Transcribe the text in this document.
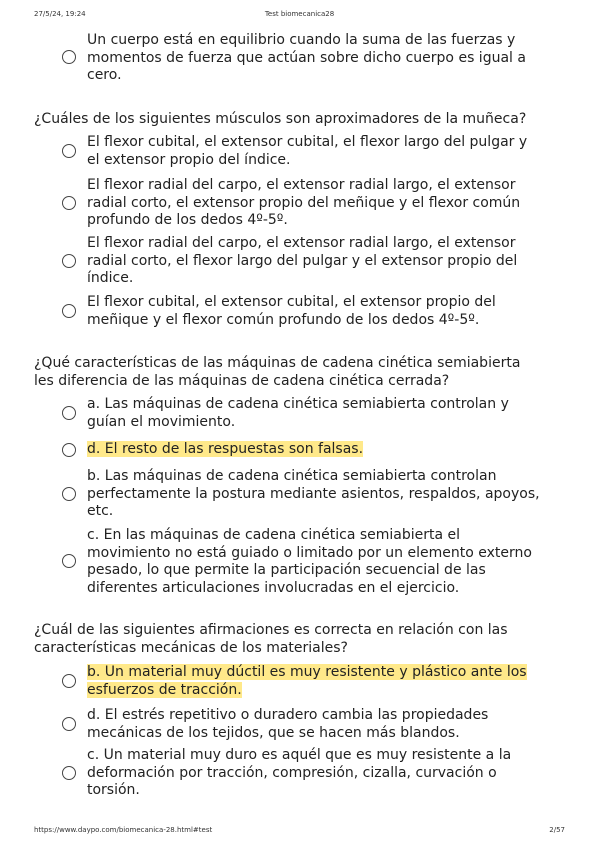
27/5/24, 19:24	Test biomecanica28
https://www.daypo.com/biomecanica-28.html#test	2/57
Un cuerpo está en equilibrio cuando la suma de las fuerzas y
momentos de fuerza que actúan sobre dicho cuerpo es igual a
cero.
¿Cuáles de los siguientes músculos son aproximadores de la muñeca?
El flexor cubital, el extensor cubital, el flexor largo del pulgar y
el extensor propio del índice.
El flexor radial del carpo, el extensor radial largo, el extensor
radial corto, el extensor propio del meñique y el flexor común
profundo de los dedos 4º-5º.
El flexor radial del carpo, el extensor radial largo, el extensor
radial corto, el flexor largo del pulgar y el extensor propio del
índice.
El flexor cubital, el extensor cubital, el extensor propio del
meñique y el flexor común profundo de los dedos 4º-5º.
¿Qué características de las máquinas de cadena cinética semiabierta
les diferencia de las máquinas de cadena cinética cerrada?
a. Las máquinas de cadena cinética semiabierta controlan y
guían el movimiento.
d. El resto de las respuestas son falsas.
b. Las máquinas de cadena cinética semiabierta controlan
perfectamente la postura mediante asientos, respaldos, apoyos,
etc.
c. En las máquinas de cadena cinética semiabierta el
movimiento no está guiado o limitado por un elemento externo
pesado, lo que permite la participación secuencial de las
diferentes articulaciones involucradas en el ejercicio.
¿Cuál de las siguientes afirmaciones es correcta en relación con las
características mecánicas de los materiales?
b. Un material muy dúctil es muy resistente y plástico ante los
esfuerzos de tracción.
d. El estrés repetitivo o duradero cambia las propiedades
mecánicas de los tejidos, que se hacen más blandos.
c. Un material muy duro es aquél que es muy resistente a la
deformación por tracción, compresión, cizalla, curvación o
torsión.
